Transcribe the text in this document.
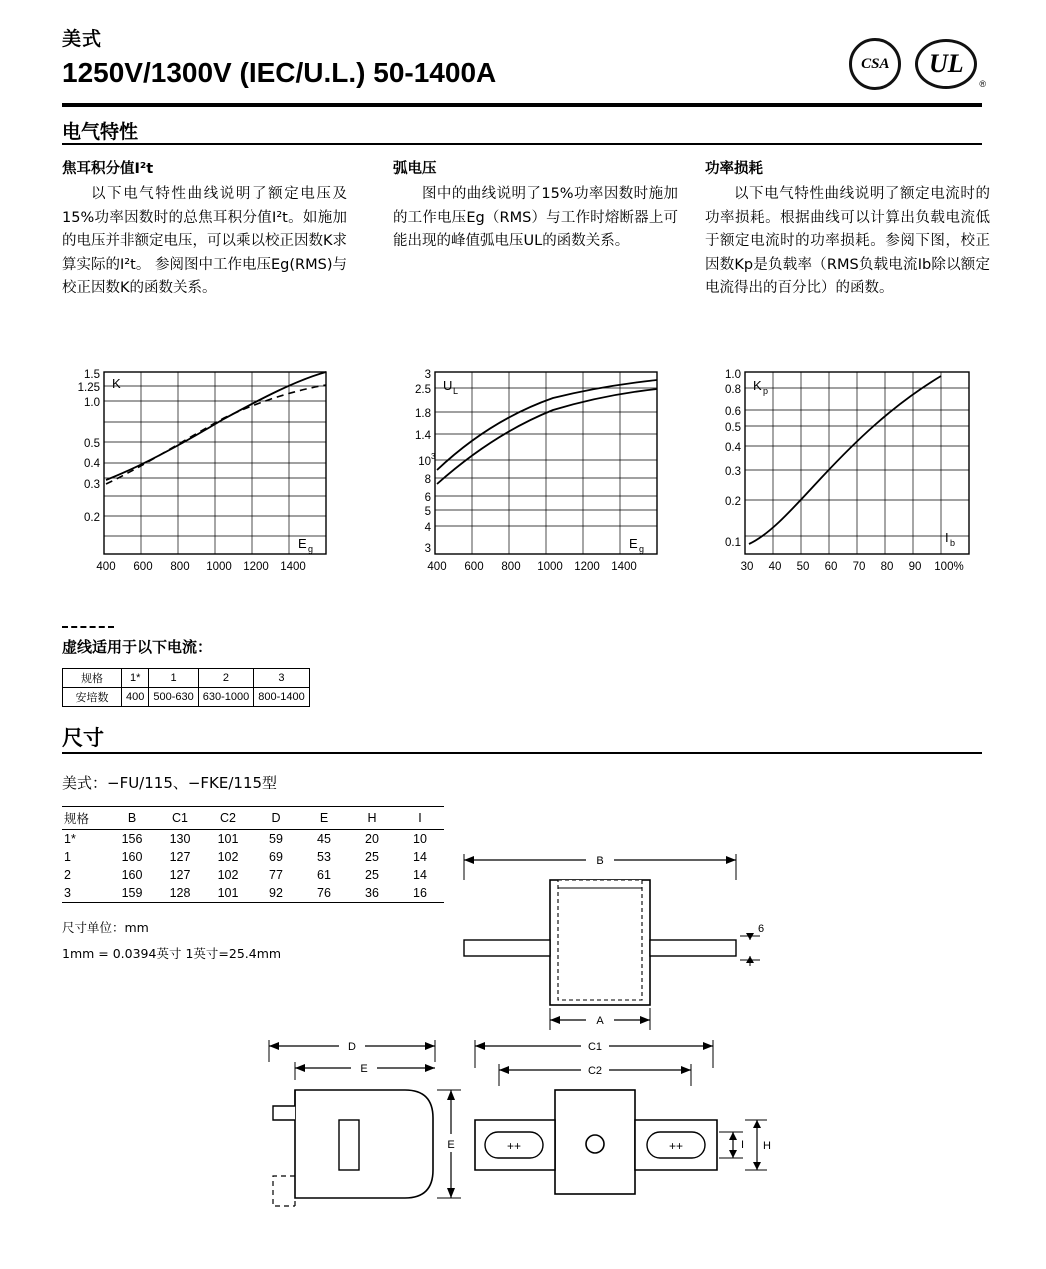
美式
1250V/1300V (IEC/U.L.) 50-1400A	CSA	UL
®
电气特性
焦耳积分值I²t
以下电气特性曲线说明了额定电压及15%功率因数时的总焦耳积分值I²t。如施加的电压并非额定电压，可以乘以校正因数K求算实际的I²t。 参阅图中工作电压Eg(RMS)与校正因数K的函数关系。
弧电压
图中的曲线说明了15%功率因数时施加的工作电压Eg（RMS）与工作时熔断器上可能出现的峰值弧电压UL的函数关系。
功率损耗
以下电气特性曲线说明了额定电流时的功率损耗。根据曲线可以计算出负载电流低于额定电流时的功率损耗。参阅下图，校正因数Kp是负载率（RMS负载电流Ib除以额定电流得出的百分比）的函数。
1.5
1.25
1.0
0.5
0.4
0.3
0.2
400 600 800 1000 1200 1400
K
E g
3
2.5
1.8
1.4
10
8
6
5
4
3
3
400 600 800 1000 1200 1400
U L
E g
1.0
0.8
0.6
0.5
0.4
0.3
0.2
0.1
30 40 50 60 70 80 90 100%
K p
I b
虚线适用于以下电流：
规格	1*	1	2	3
安培数	400	500-630	630-1000	800-1400
尺寸
美式：−FU/115、−FKE/115型
规格	B	C1	C2	D	E	H	I
1*	156	130	101	59	45	20	10
1	160	127	102	69	53	25	14
2	160	127	102	77	61	25	14
3	159	128	101	92	76	36	16
尺寸单位：mm
1mm = 0.0394英寸 1英寸=25.4mm
B
6
A
D
E
E
C1
C2
++	++	I H
